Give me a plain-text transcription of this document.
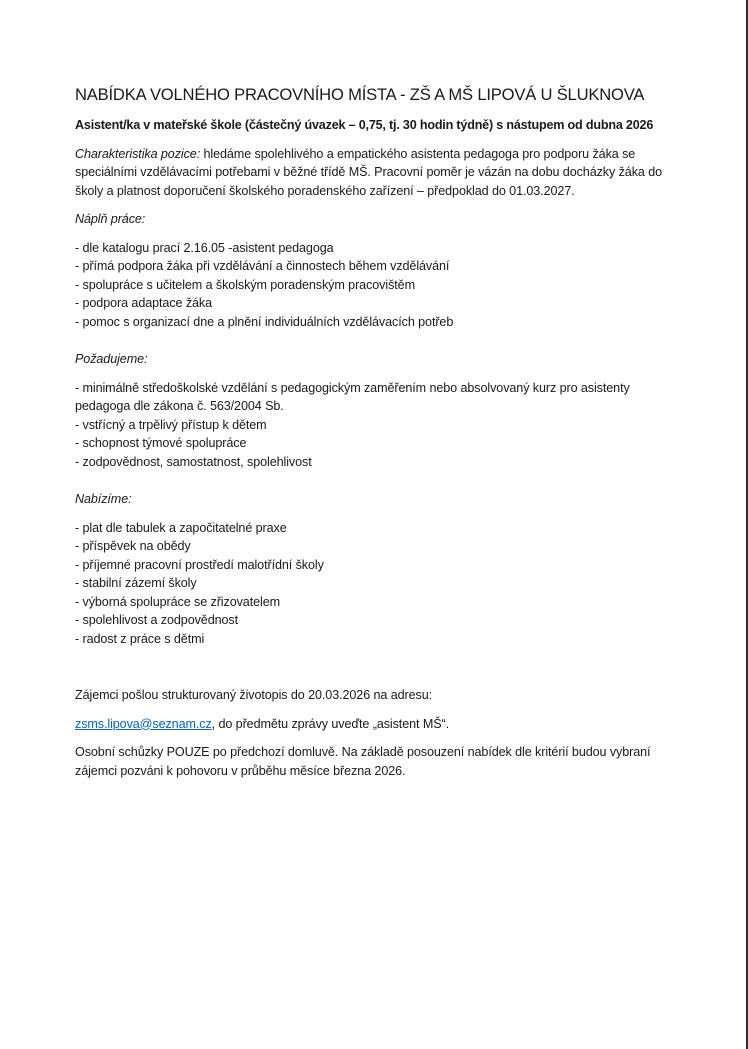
NABÍDKA VOLNÉHO PRACOVNÍHO MÍSTA - ZŠ A MŠ LIPOVÁ U ŠLUKNOVA

Asistent/ka v mateřské škole (částečný úvazek – 0,75, tj. 30 hodin týdně) s nástupem od dubna 2026

Charakteristika pozice: hledáme spolehlivého a empatického asistenta pedagoga pro podporu žáka se speciálními vzdělávacími potřebami v běžné třídě MŠ. Pracovní poměr je vázán na dobu docházky žáka do školy a platnost doporučení školského poradenského zařízení – předpoklad do 01.03.2027.

Náplň práce:

- dle katalogu prací 2.16.05 -asistent pedagoga
- přímá podpora žáka při vzdělávání a činnostech během vzdělávání
- spolupráce s učitelem a školským poradenským pracovištěm
- podpora adaptace žáka
- pomoc s organizací dne a plnění individuálních vzdělávacích potřeb

Požadujeme:

- minimálně středoškolské vzdělání s pedagogickým zaměřením nebo absolvovaný kurz pro asistenty pedagoga dle zákona č. 563/2004 Sb.
- vstřícný a trpělivý přístup k dětem
- schopnost týmové spolupráce
- zodpovědnost, samostatnost, spolehlivost

Nabízíme:

- plat dle tabulek a započitatelné praxe
- příspěvek na obědy
- příjemné pracovní prostředí malotřídní školy
- stabilní zázemí školy
- výborná spolupráce se zřizovatelem
- spolehlivost a zodpovědnost
- radost z práce s dětmi

Zájemci pošlou strukturovaný životopis do 20.03.2026 na adresu:

zsms.lipova@seznam.cz, do předmětu zprávy uveďte „asistent MŠ“.

Osobní schůzky POUZE po předchozí domluvě. Na základě posouzení nabídek dle kritérií budou vybraní zájemci pozváni k pohovoru v průběhu měsíce března 2026.
